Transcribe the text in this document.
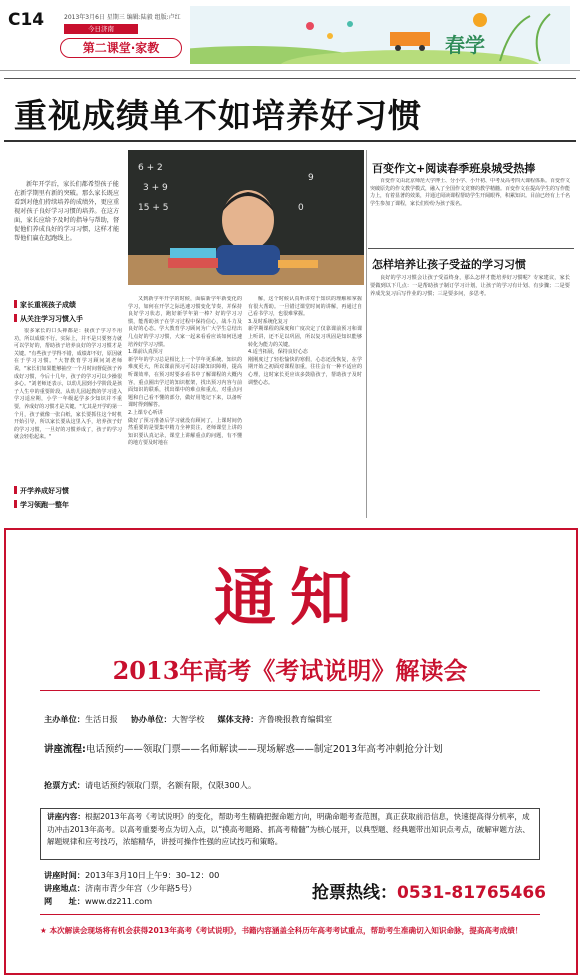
C14	2013年3月6日 星期三 编辑:陆毅 组版:卢红
今日济南
第二课堂·家教	春学
重视成绩单不如培养好习惯
新年开学后，家长们都希望孩子能在新学期里有新的突破。那么家长既应看到对他们持续培养的成绩外，更应重视对孩子良好学习习惯的培养。在这方面，家长应给予及时的指导与帮助，督促他们养成良好的学习习惯，这样才能帮他们赢在起跑线上。
6 + 2
3 + 9
15 + 5
9
0
百变作文+阅读春季班泉城受热捧

百变作文由北京师范大学博士、分小学、小升初、中考及高考四大课程体系。百变作文突破原先的作文教学模式，融入了全国作文竞赛的教学精髓。百变作文在提高学生的写作能力上，有着显著的效果，并通过阅读课程帮助学生开阔眼界，积累知识。目前已经有上千名学生参加了课程，家长们纷纷为孩子报名。

怎样培养让孩子受益的学习习惯

良好的学习习惯会让孩子受益终身，那么怎样才能培养好习惯呢？专家建议，家长要做到以下几点：一是帮助孩子制订学习计划，让孩子的学习有计划、有步骤；二是要养成先复习后写作业的习惯；三是要多问，多思考。

家长重视孩子成绩
从关注学习习惯入手

很多家长的口头禅都是：我孩子学习不用功，所以成绩不行。实际上，并不是只要努力就可以学好的，帮助孩子培养良好的学习习惯才是关键。"有些孩子学得不错，成绩却不好，原因就在于学习习惯。"大智教育学习顾问刘老师说，"家长们如果能够抽空一个月时间督促孩子养成好习惯，今后十几年，孩子的学习可以少操很多心。"刘老师还表示，以幼儿园到小学阶段是孩子人生中的重要阶段。从幼儿园起教的学习进入学习适应期，小学一年级起学多少知识并不重要，养成好的习惯才是关键。"尤其是开学的第一个月，孩子就像一张白纸，家长要抓住这个时机开始引导，所以家长要从这里入手，培养孩子好的学习习惯，一旦好的习惯养成了，孩子的学习就会轻松起来。"

开学养成好习惯
学习领跑一整年

又到新学年开学的时候，面临新学年新变化的学习，如何在开学之际迅速习惯变化节奏，并保持良好学习状态，跑好新学年第一棒？好的学习习惯，能帮助孩子在学习过程中保持信心，战斗力及良好的心态。学大教育学习顾问为广大学生总结出几点好的学习习惯，大家一起来看看应该如何迅速培养好学习习惯。
1.课前认真预习
新学年的学习总是相比上一个学年更系统、知识的难度更大，所以课前预习可以扫除知识障碍，提高听课效率，在预习时要多看书中了解课程的大概内容，重点圈出学过的知识框架，找出预习内容与前面知识的联系，找出课中的难点和重点，对重点问题和自己看不懂的部分，做好用笔记下来，以备听课时得到解答。
2.上课专心听讲
做好了预习准备后学习就没有顾问了，上课时间仍然重要的是要集中精力全神贯注，老师课堂上讲的知识要认真记录，课堂上讲解重点的问题，有不懂的地方要及时地在

解，这个时候认真听讲对于知识的理解和掌握有很大帮助。一旦错过课堂时间的讲解，再通过自己看书学习，也很难掌握。
3.及时系统化复习
新学期课程的深度和广度决定了仅靠课前预习和课上听讲，还不足以巩固，所以复习巩固是知识能够转化为能力的关键。
4.适当拓展，保持良好心态
刚刚度过了轻松愉快的寒假，心态还没恢复，在学期开始之初面对课程加重，往往会有一种不适应的心理，这时家长更应该多鼓励孩子，帮助孩子及时调整心态。

通知
2013年高考《考试说明》解读会
主办单位：生活日报 协办单位：大智学校 媒体支持：齐鲁晚报教育编辑室
讲座流程:电话预约——领取门票——名师解读——现场解惑——制定2013年高考冲刺抢分计划
抢票方式：请电话预约领取门票，名额有限，仅限300人。
讲座内容：根据2013年高考《考试说明》的变化，帮助考生精确把握命题方向，明确命题考查范围，真正获取前沿信息，快速提高得分机率，成功冲击2013年高考。以高考重要考点为切入点，以“摸高考题路、抓高考精髓”为核心展开，以典型题、经典题带出知识点考点，破解审题方法、解题规律和应考技巧，浓缩精华，讲授可操作性强的应试技巧和策略。
讲座时间：2013年3月10日上午9：30–12：00
讲座地点：济南市青少年宫（少年路5号）
网　　址：www.dz211.com	抢票热线：0531-81765466
★ 本次解读会现场将有机会获得2013年高考《考试说明》，书籍内容涵盖全科历年高考考试重点，帮助考生准确切入知识命脉，提高高考成绩！
